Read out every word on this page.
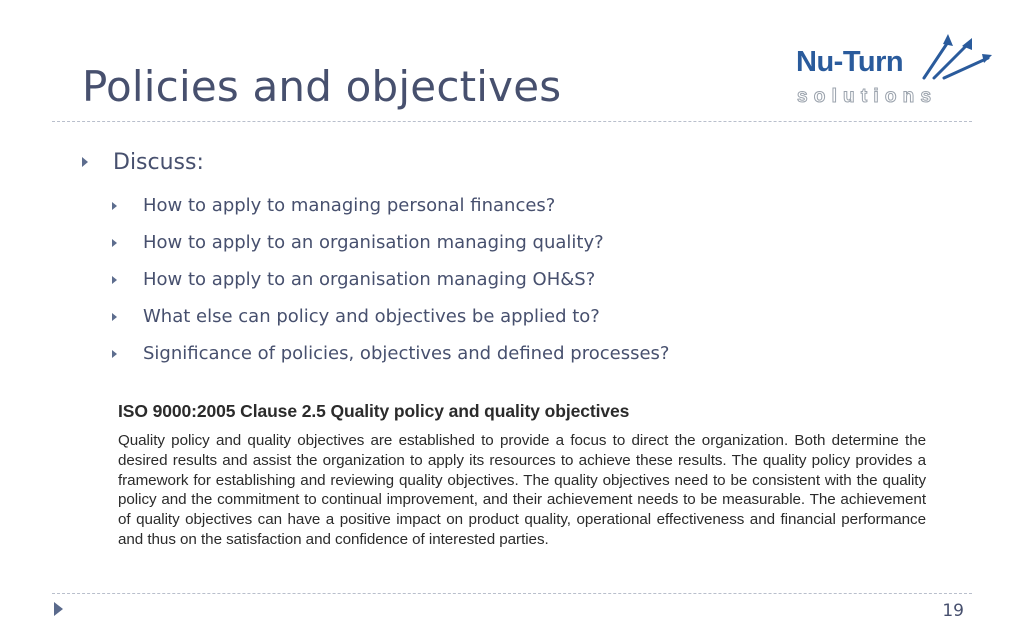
Policies and objectives	Nu-Turn
solutions
Discuss:
How to apply to managing personal finances?
How to apply to an organisation managing quality?
How to apply to an organisation managing OH&S?
What else can policy and objectives be applied to?
Significance of policies, objectives and defined processes?

ISO 9000:2005 Clause 2.5 Quality policy and quality objectives

Quality policy and quality objectives are established to provide a focus to direct the organization. Both determine the desired results and assist the organization to apply its resources to achieve these results. The quality policy provides a framework for establishing and reviewing quality objectives. The quality objectives need to be consistent with the quality policy and the commitment to continual improvement, and their achievement needs to be measurable. The achievement of quality objectives can have a positive impact on product quality, operational effectiveness and financial performance and thus on the satisfaction and confidence of interested parties.

19
